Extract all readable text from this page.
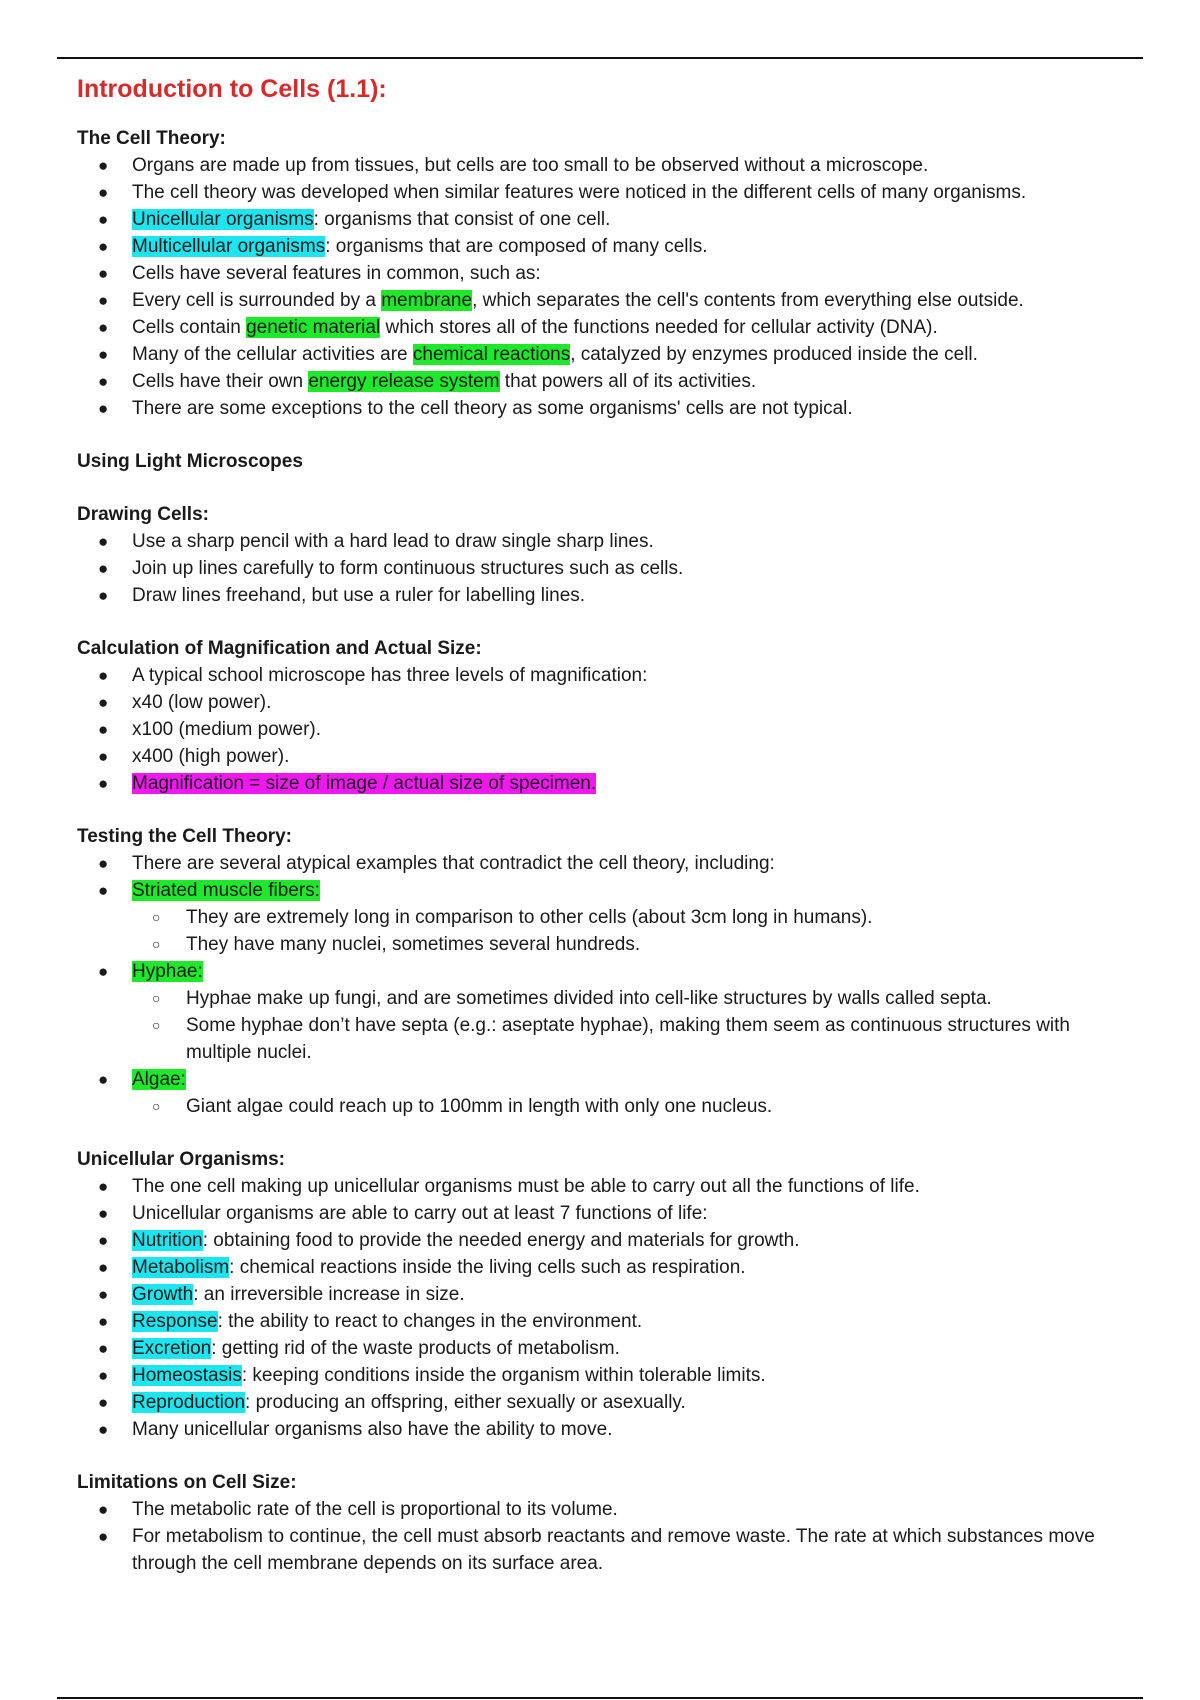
Introduction to Cells (1.1):
The Cell Theory:
●	Organs are made up from tissues, but cells are too small to be observed without a microscope.
●	The cell theory was developed when similar features were noticed in the different cells of many organisms.
●	Unicellular organisms: organisms that consist of one cell.
●	Multicellular organisms: organisms that are composed of many cells.
●	Cells have several features in common, such as:
●	Every cell is surrounded by a membrane, which separates the cell's contents from everything else outside.
●	Cells contain genetic material which stores all of the functions needed for cellular activity (DNA).
●	Many of the cellular activities are chemical reactions, catalyzed by enzymes produced inside the cell.
●	Cells have their own energy release system that powers all of its activities.
●	There are some exceptions to the cell theory as some organisms' cells are not typical.
Using Light Microscopes
Drawing Cells:
●	Use a sharp pencil with a hard lead to draw single sharp lines.
●	Join up lines carefully to form continuous structures such as cells.
●	Draw lines freehand, but use a ruler for labelling lines.
Calculation of Magnification and Actual Size:
●	A typical school microscope has three levels of magnification:
●	x40 (low power).
●	x100 (medium power).
●	x400 (high power).
●	Magnification = size of image / actual size of specimen.
Testing the Cell Theory:
●	There are several atypical examples that contradict the cell theory, including:
●	Striated muscle fibers:
○ They are extremely long in comparison to other cells (about 3cm long in humans).
○ They have many nuclei, sometimes several hundreds.
●	Hyphae:
○ Hyphae make up fungi, and are sometimes divided into cell-like structures by walls called septa.
○ Some hyphae don’t have septa (e.g.: aseptate hyphae), making them seem as continuous structures with multiple nuclei.
●	Algae:
○ Giant algae could reach up to 100mm in length with only one nucleus.
Unicellular Organisms:
●	The one cell making up unicellular organisms must be able to carry out all the functions of life.
●	Unicellular organisms are able to carry out at least 7 functions of life:
●	Nutrition: obtaining food to provide the needed energy and materials for growth.
●	Metabolism: chemical reactions inside the living cells such as respiration.
●	Growth: an irreversible increase in size.
●	Response: the ability to react to changes in the environment.
●	Excretion: getting rid of the waste products of metabolism.
●	Homeostasis: keeping conditions inside the organism within tolerable limits.
●	Reproduction: producing an offspring, either sexually or asexually.
●	Many unicellular organisms also have the ability to move.
Limitations on Cell Size:
●	The metabolic rate of the cell is proportional to its volume.
●	For metabolism to continue, the cell must absorb reactants and remove waste. The rate at which substances move through the cell membrane depends on its surface area.
